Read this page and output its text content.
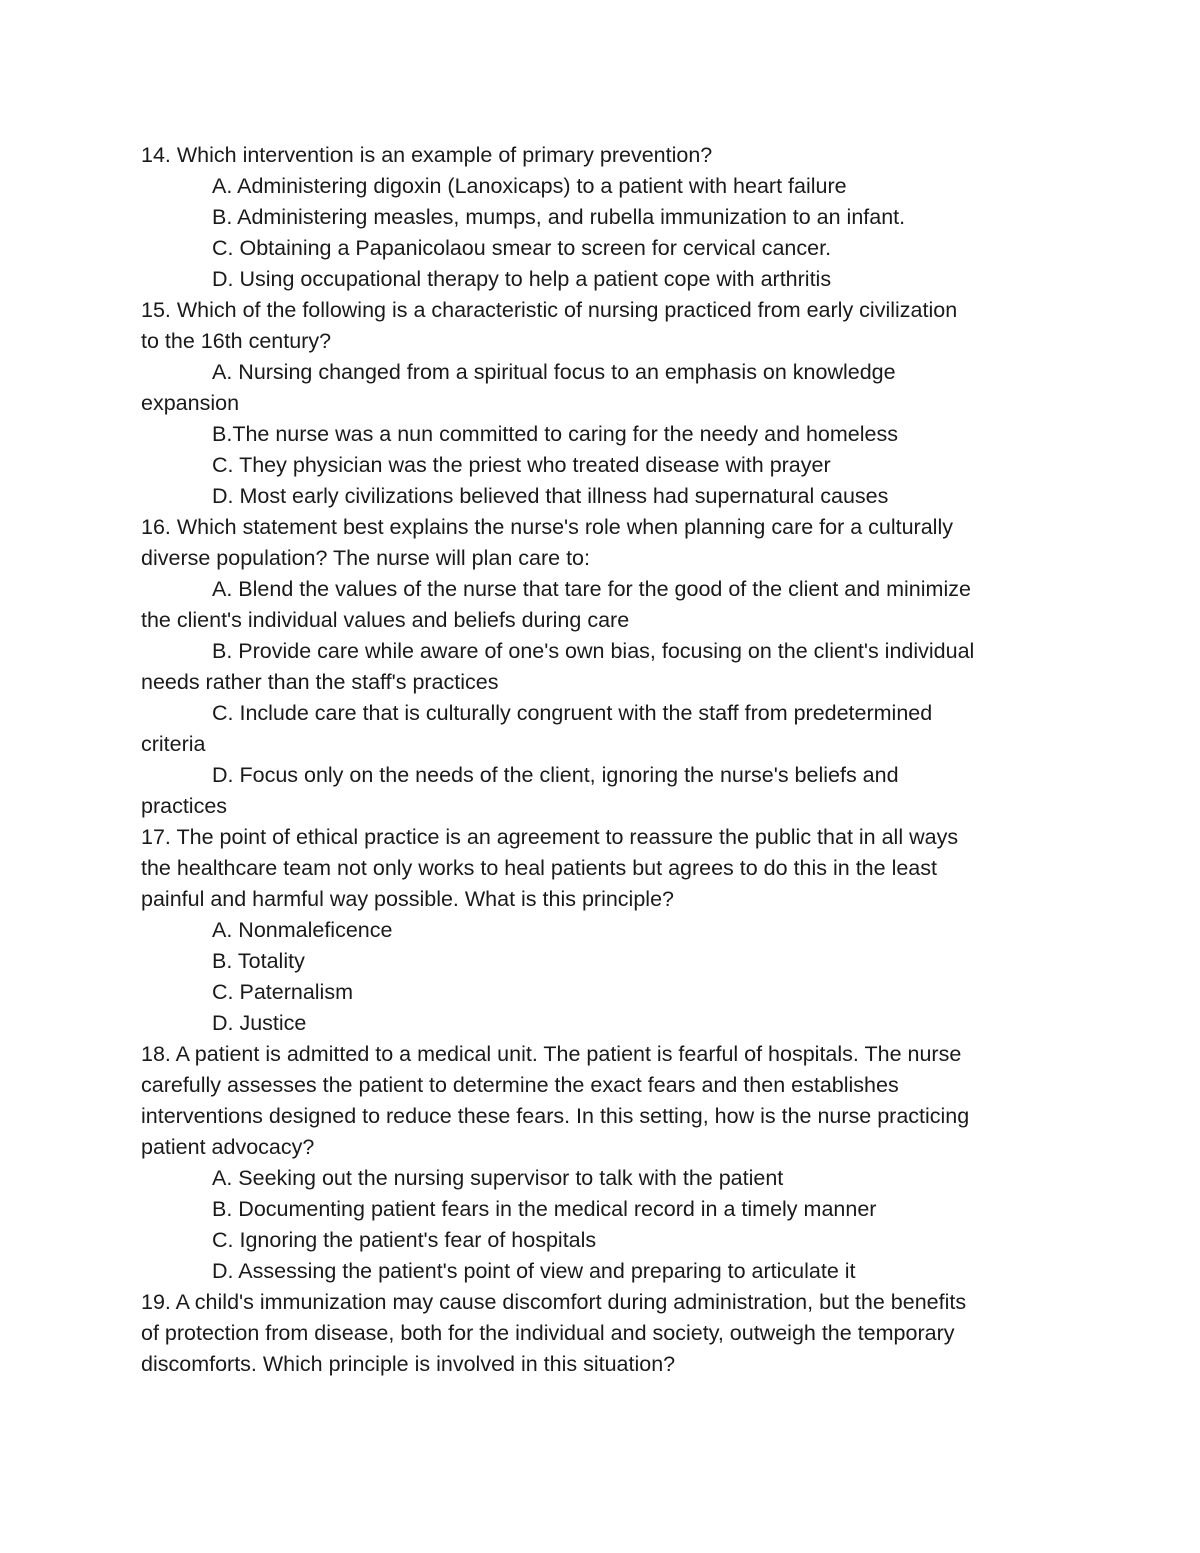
14. Which intervention is an example of primary prevention?
A. Administering digoxin (Lanoxicaps) to a patient with heart failure
B. Administering measles, mumps, and rubella immunization to an infant.
C. Obtaining a Papanicolaou smear to screen for cervical cancer.
D. Using occupational therapy to help a patient cope with arthritis
15. Which of the following is a characteristic of nursing practiced from early civilization
to the 16th century?
A. Nursing changed from a spiritual focus to an emphasis on knowledge
expansion
B.The nurse was a nun committed to caring for the needy and homeless
C. They physician was the priest who treated disease with prayer
D. Most early civilizations believed that illness had supernatural causes
16. Which statement best explains the nurse's role when planning care for a culturally
diverse population? The nurse will plan care to:
A. Blend the values of the nurse that tare for the good of the client and minimize
the client's individual values and beliefs during care
B. Provide care while aware of one's own bias, focusing on the client's individual
needs rather than the staff's practices
C. Include care that is culturally congruent with the staff from predetermined
criteria
D. Focus only on the needs of the client, ignoring the nurse's beliefs and
practices
17. The point of ethical practice is an agreement to reassure the public that in all ways
the healthcare team not only works to heal patients but agrees to do this in the least
painful and harmful way possible. What is this principle?
A. Nonmaleficence
B. Totality
C. Paternalism
D. Justice
18. A patient is admitted to a medical unit. The patient is fearful of hospitals. The nurse
carefully assesses the patient to determine the exact fears and then establishes
interventions designed to reduce these fears. In this setting, how is the nurse practicing
patient advocacy?
A. Seeking out the nursing supervisor to talk with the patient
B. Documenting patient fears in the medical record in a timely manner
C. Ignoring the patient's fear of hospitals
D. Assessing the patient's point of view and preparing to articulate it
19. A child's immunization may cause discomfort during administration, but the benefits
of protection from disease, both for the individual and society, outweigh the temporary
discomforts. Which principle is involved in this situation?
